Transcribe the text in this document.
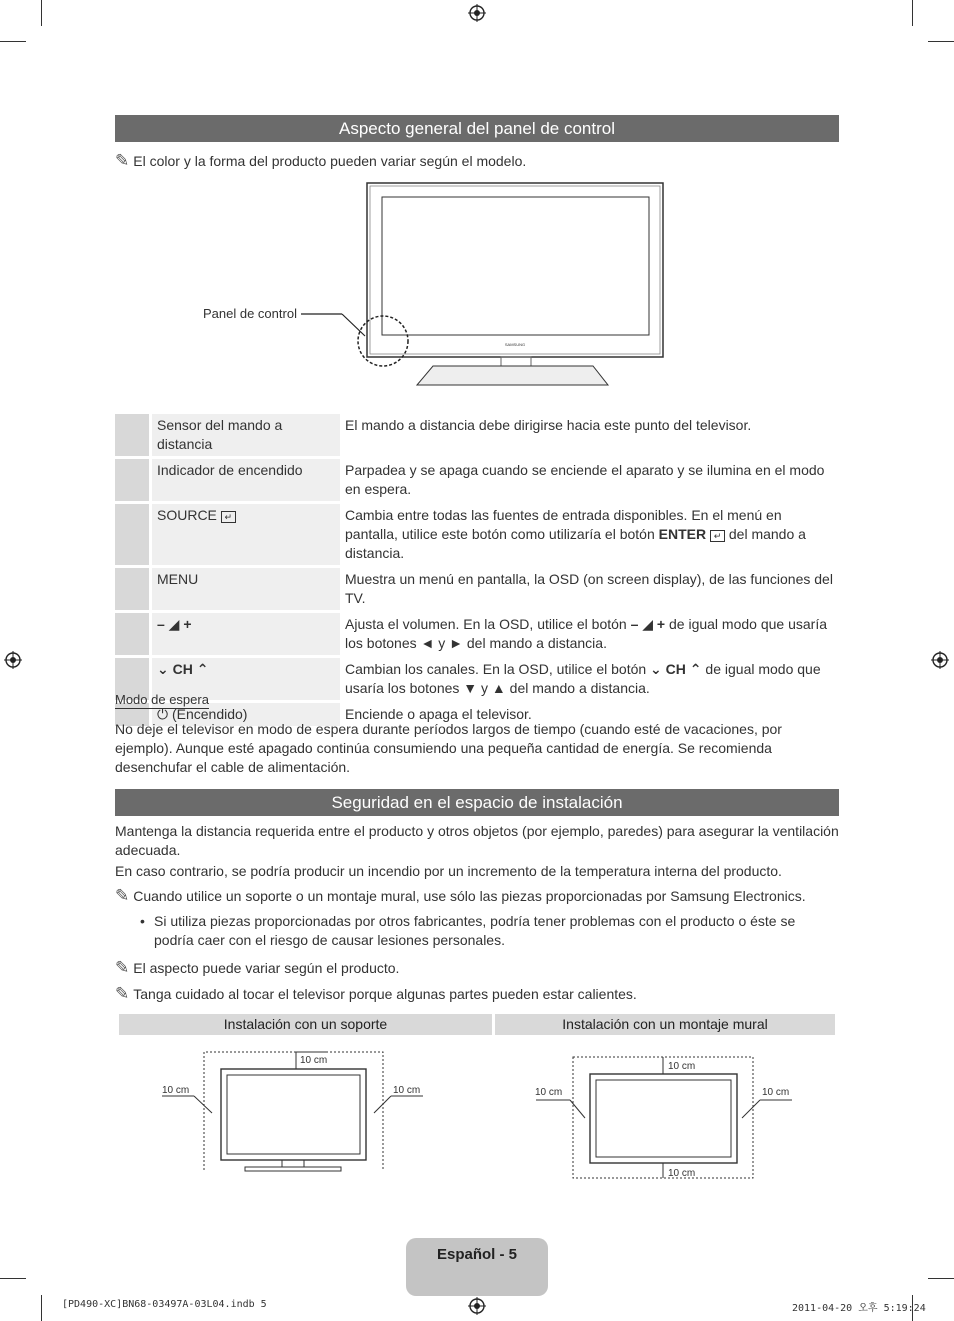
Aspecto general del panel de control
✎ El color y la forma del producto pueden variar según el modelo.
SAMSUNG
Panel de control
	Sensor del mando a distancia	El mando a distancia debe dirigirse hacia este punto del televisor.
	Indicador de encendido	Parpadea y se apaga cuando se enciende el aparato y se ilumina en el modo en espera.
	SOURCE ↵	Cambia entre todas las fuentes de entrada disponibles. En el menú en pantalla, utilice este botón como utilizaría el botón ENTER ↵ del mando a distancia.
	MENU	Muestra un menú en pantalla, la OSD (on screen display), de las funciones del TV.
	– ◢ +	Ajusta el volumen. En la OSD, utilice el botón – ◢ + de igual modo que usaría los botones ◄ y ► del mando a distancia.
	⌄ CH ⌃	Cambian los canales. En la OSD, utilice el botón ⌄ CH ⌃ de igual modo que usaría los botones ▼ y ▲ del mando a distancia.
	⏻ (Encendido)	Enciende o apaga el televisor.
Modo de espera
No deje el televisor en modo de espera durante períodos largos de tiempo (cuando esté de vacaciones, por ejemplo). Aunque esté apagado continúa consumiendo una pequeña cantidad de energía. Se recomienda desenchufar el cable de alimentación.
Seguridad en el espacio de instalación
Mantenga la distancia requerida entre el producto y otros objetos (por ejemplo, paredes) para asegurar la ventilación adecuada.
En caso contrario, se podría producir un incendio por un incremento de la temperatura interna del producto.
✎ Cuando utilice un soporte o un montaje mural, use sólo las piezas proporcionadas por Samsung Electronics.
• Si utiliza piezas proporcionadas por otros fabricantes, podría tener problemas con el producto o éste se podría caer con el riesgo de causar lesiones personales.
✎ El aspecto puede variar según el producto.
✎ Tanga cuidado al tocar el televisor porque algunas partes pueden estar calientes.
Instalación con un soporte	Instalación con un montaje mural
10 cm
10 cm	10 cm
10 cm
10 cm
10 cm	10 cm
Español - 5
[PD490-XC]BN68-03497A-03L04.indb 5	2011-04-20 오후 5:19:24
